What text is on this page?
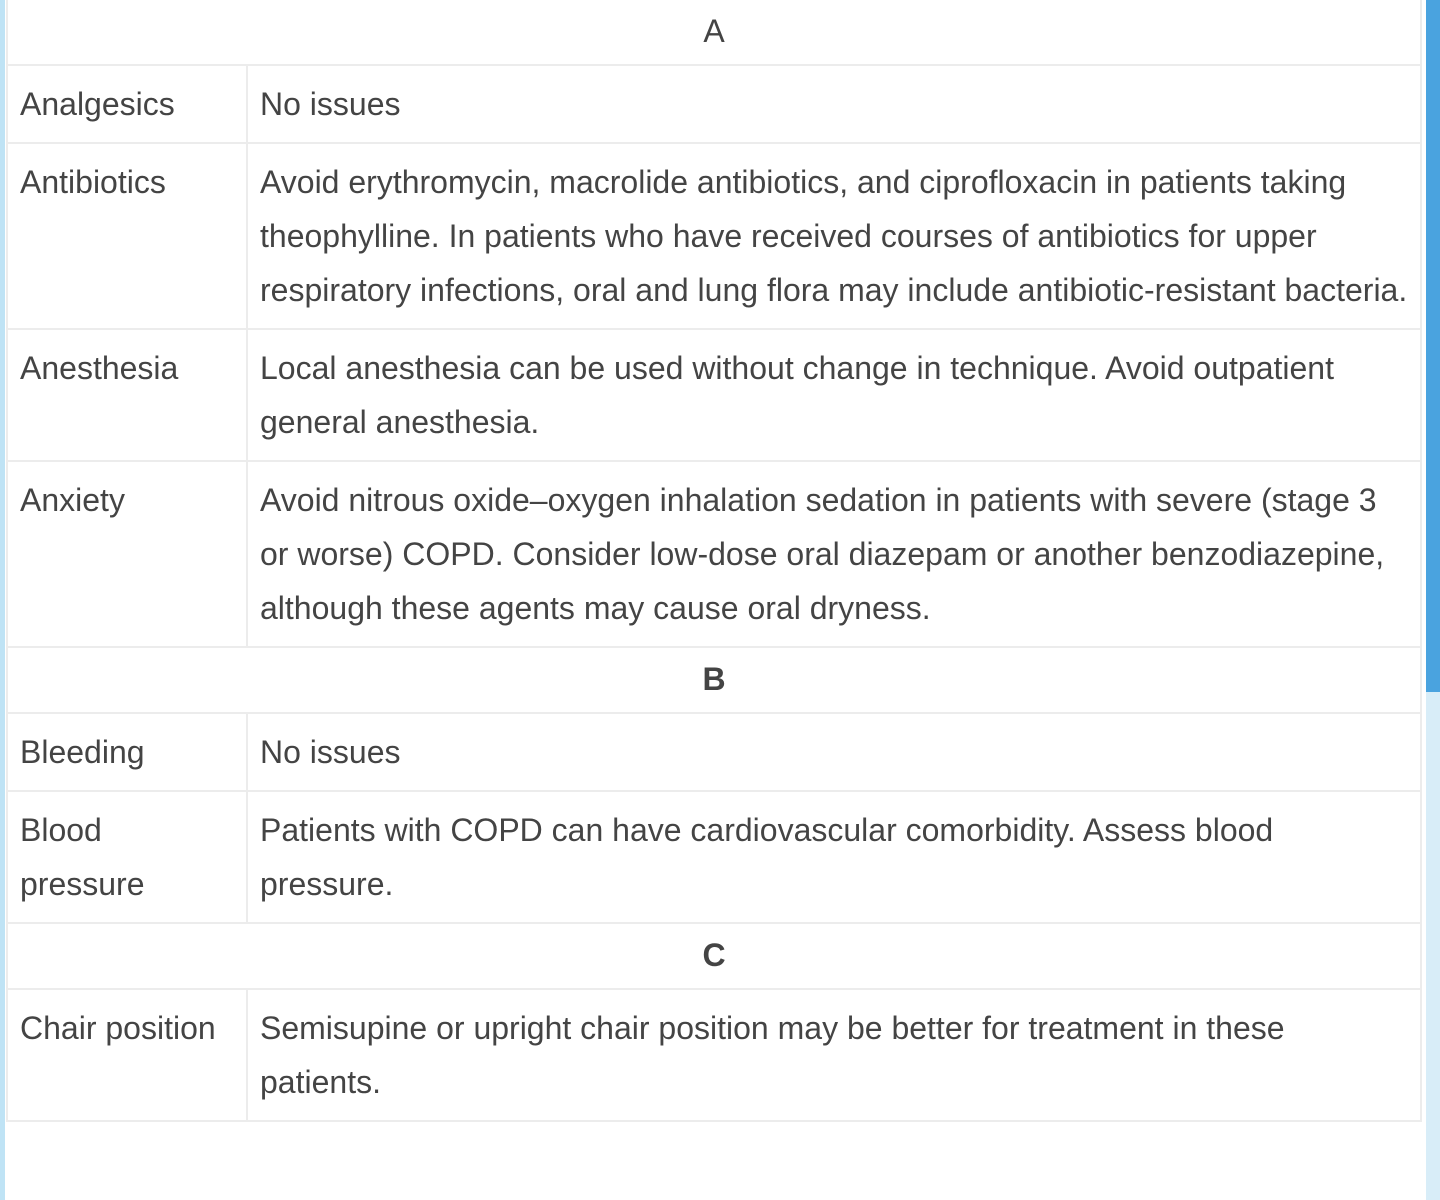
A	
Analgesics	No issues
Antibiotics	Avoid erythromycin, macrolide antibiotics, and ciprofloxacin in patients taking theophylline. In patients who have received courses of antibiotics for upper respiratory infections, oral and lung flora may include antibiotic-resistant bacteria.
Anesthesia	Local anesthesia can be used without change in technique. Avoid outpatient general anesthesia.
Anxiety	Avoid nitrous oxide–oxygen inhalation sedation in patients with severe (stage 3 or worse) COPD. Consider low-dose oral diazepam or another benzodiazepine, although these agents may cause oral dryness.
B	
Bleeding	No issues
Blood pressure	Patients with COPD can have cardiovascular comorbidity. Assess blood pressure.
C	
Chair position	Semisupine or upright chair position may be better for treatment in these patients.
